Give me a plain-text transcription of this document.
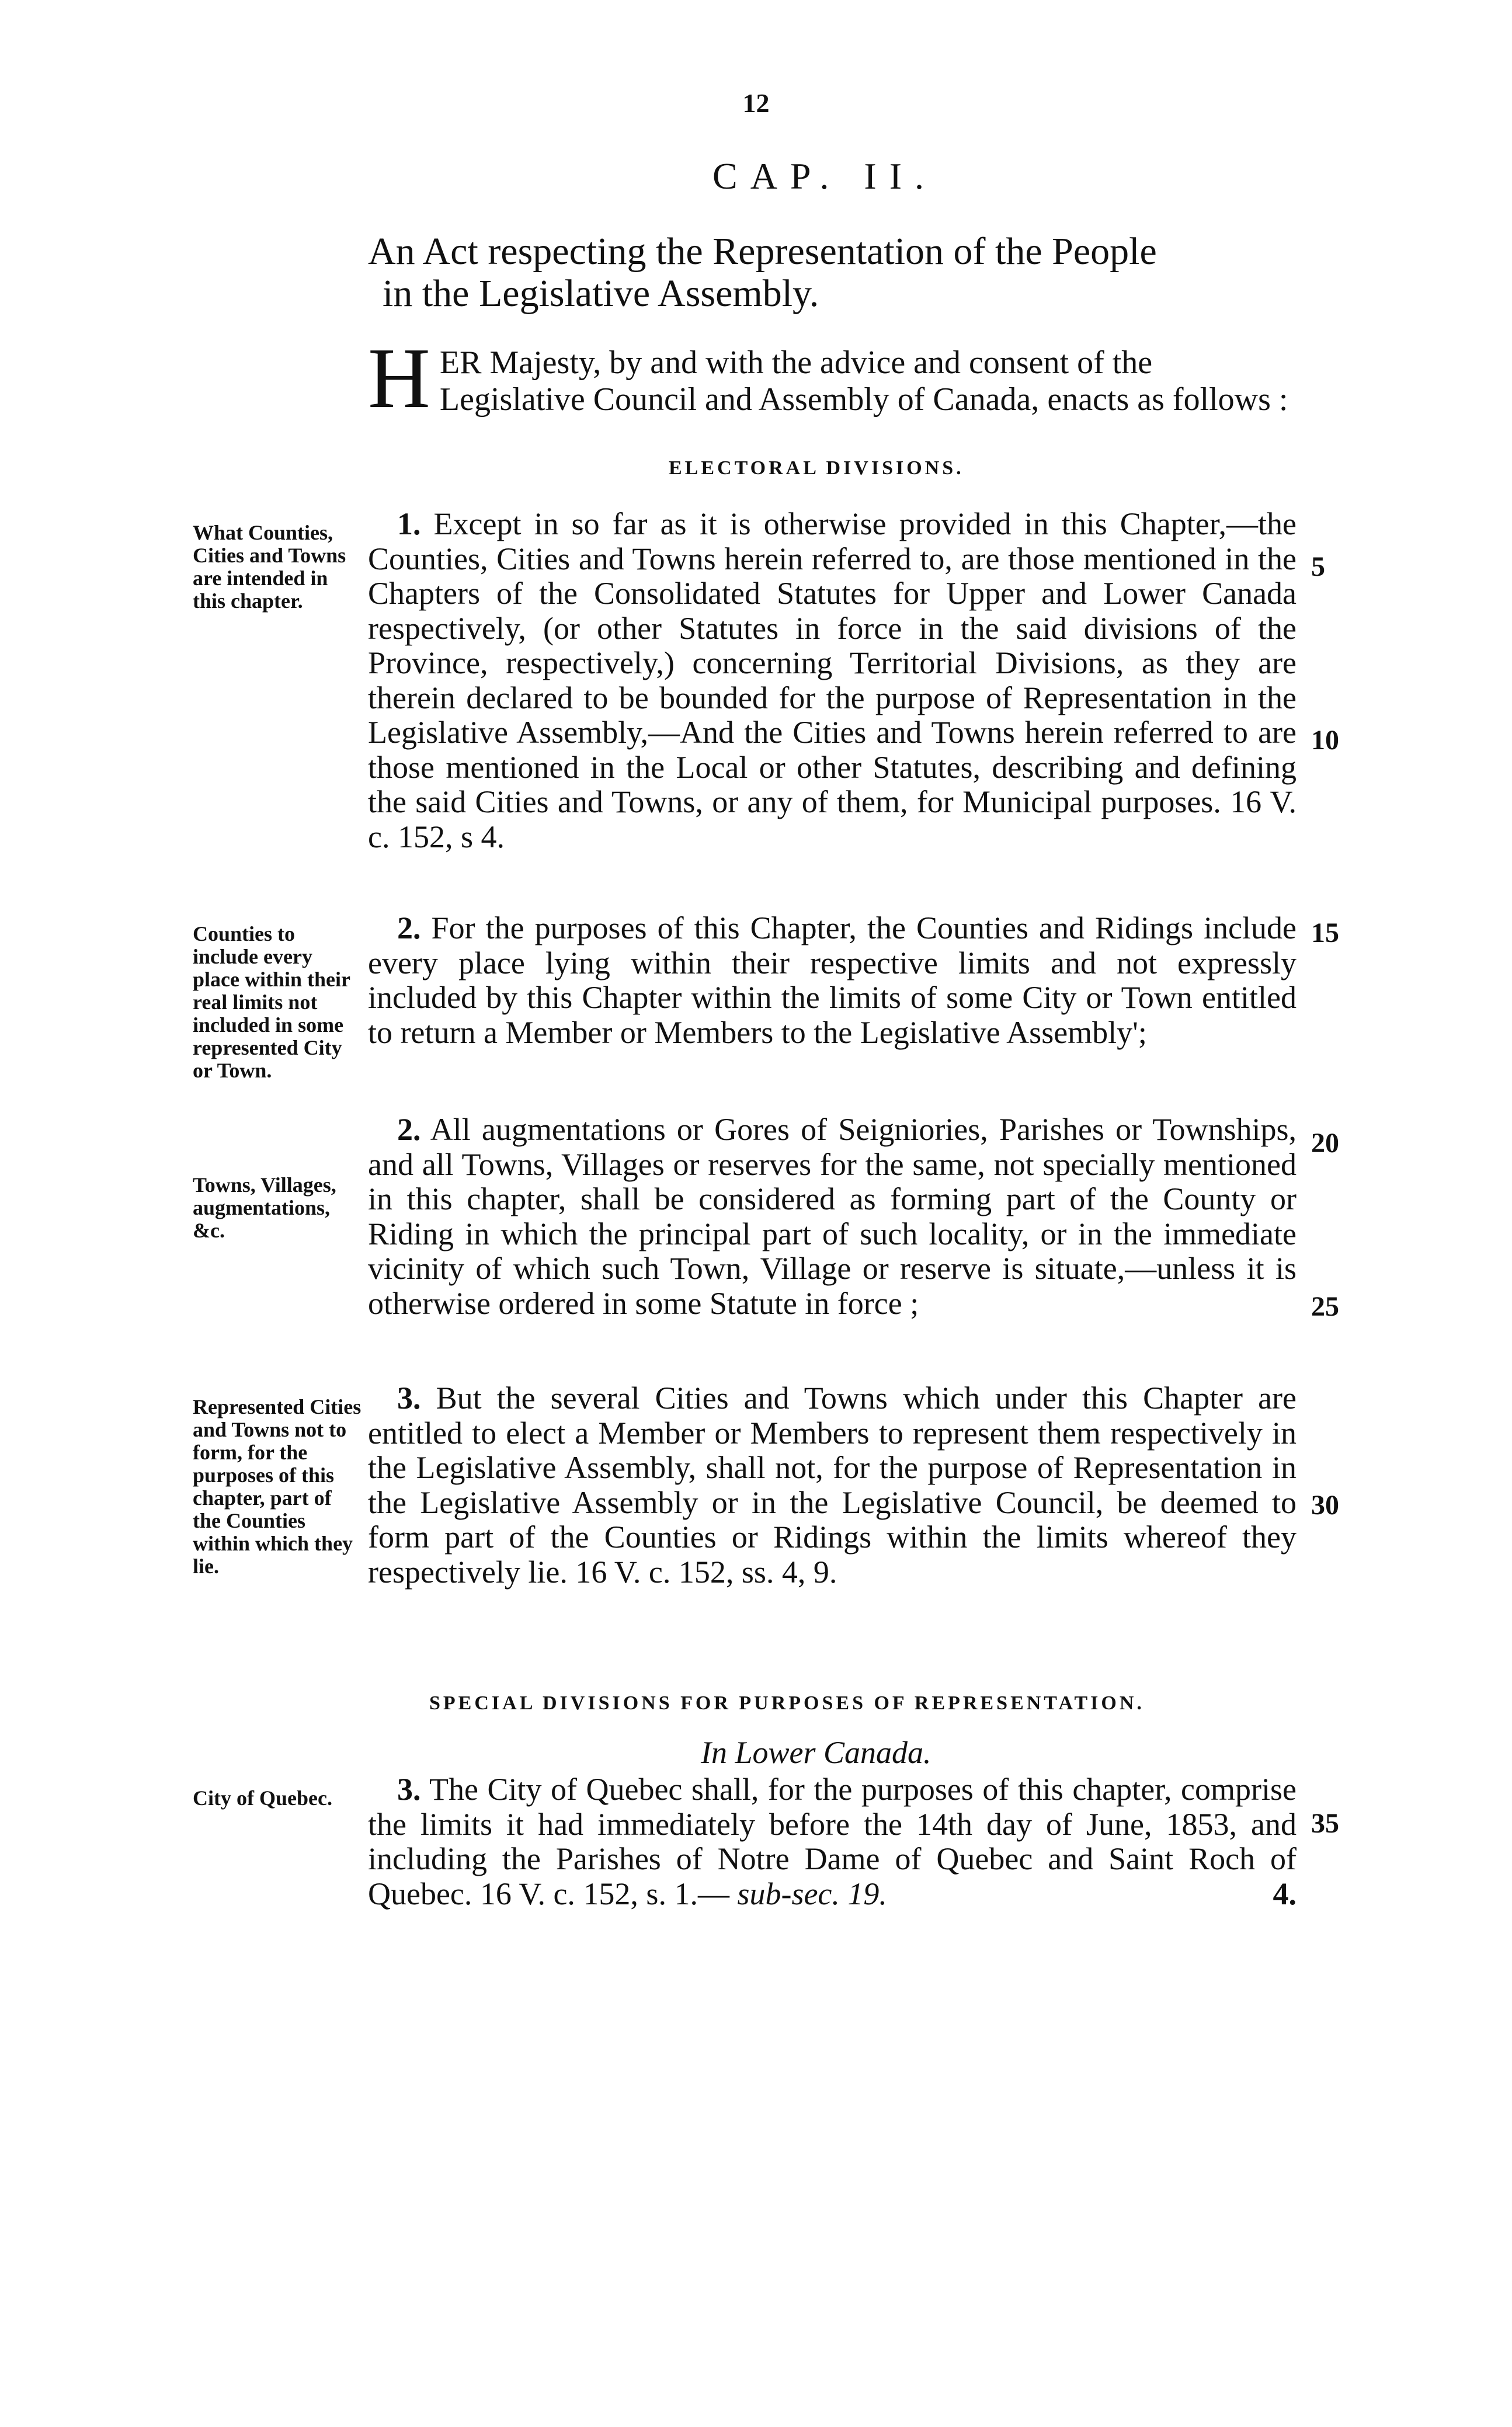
12
CAP. II.
An Act respecting the Representation of the People
in the Legislative Assembly.
H ER Majesty, by and with the advice and consent of the Legislative Council and Assembly of Canada, enacts as follows :
ELECTORAL DIVISIONS.
What Counties, Cities and Towns are intended in this chapter.
1. Except in so far as it is otherwise provided in this Chapter,—the Counties, Cities and Towns herein referred to, are those mentioned in the Chapters of the Consolidated Statutes for Upper and Lower Canada respectively, (or other Statutes in force in the said divisions of the Province, respectively,) concerning Territorial Divisions, as they are therein declared to be bounded for the purpose of Representation in the Legislative Assembly,—And the Cities and Towns herein referred to are those mentioned in the Local or other Statutes, describing and defining the said Cities and Towns, or any of them, for Municipal purposes. 16 V. c. 152, s 4.
Counties to include every place within their real limits not included in some represented City or Town.
2. For the purposes of this Chapter, the Counties and Ridings include every place lying within their respective limits and not expressly included by this Chapter within the limits of some City or Town entitled to return a Member or Members to the Legislative Assembly';
Towns, Villages, augmentations, &c.
2. All augmentations or Gores of Seigniories, Parishes or Townships, and all Towns, Villages or reserves for the same, not specially mentioned in this chapter, shall be considered as forming part of the County or Riding in which the principal part of such locality, or in the immediate vicinity of which such Town, Village or reserve is situate,—unless it is otherwise ordered in some Statute in force ;
Represented Cities and Towns not to form, for the purposes of this chapter, part of the Counties within which they lie.
3. But the several Cities and Towns which under this Chapter are entitled to elect a Member or Members to represent them respectively in the Legislative Assembly, shall not, for the purpose of Representation in the Legislative Assembly or in the Legislative Council, be deemed to form part of the Counties or Ridings within the limits whereof they respectively lie. 16 V. c. 152, ss. 4, 9.
SPECIAL DIVISIONS FOR PURPOSES OF REPRESENTATION.
In Lower Canada.
City of Quebec.	3. The City of Quebec shall, for the purposes of this chapter, comprise the limits it had immediately before the 14th day of June, 1853, and including the Parishes of Notre Dame of Quebec and Saint Roch of Quebec. 16 V. c. 152, s. 1.— sub-sec. 19.	4.
5
10
15
20
25
30
35
